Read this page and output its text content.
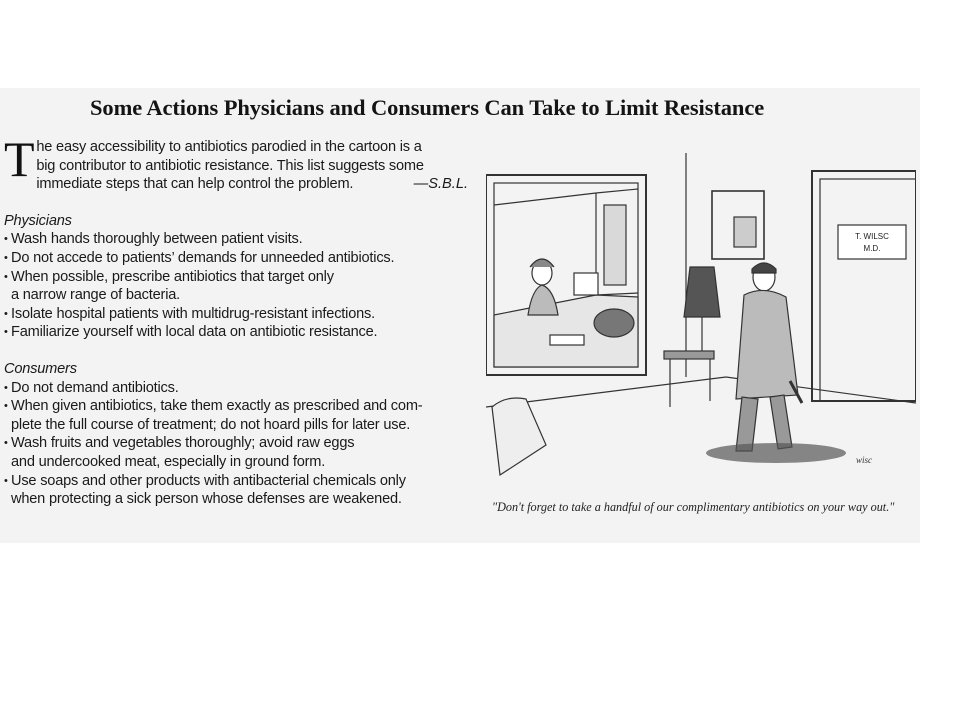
Some Actions Physicians and Consumers Can Take to Limit Resistance
T he easy accessibility to antibiotics parodied in the cartoon is a
big contributor to antibiotic resistance. This list suggests some
immediate steps that can help control the problem.	—S.B.L.
Physicians
• Wash hands thoroughly between patient visits.
• Do not accede to patients’ demands for unneeded antibiotics.
• When possible, prescribe antibiotics that target only
a narrow range of bacteria.
• Isolate hospital patients with multidrug-resistant infections.
• Familiarize yourself with local data on antibiotic resistance.
Consumers
• Do not demand antibiotics.
• When given antibiotics, take them exactly as prescribed and com-
plete the full course of treatment; do not hoard pills for later use.
• Wash fruits and vegetables thoroughly; avoid raw eggs
and undercooked meat, especially in ground form.
• Use soaps and other products with antibacterial chemicals only
when protecting a sick person whose defenses are weakened.
T. WILSC
M.D.
wisc
"Don't forget to take a handful of our complimentary antibiotics on your way out."
